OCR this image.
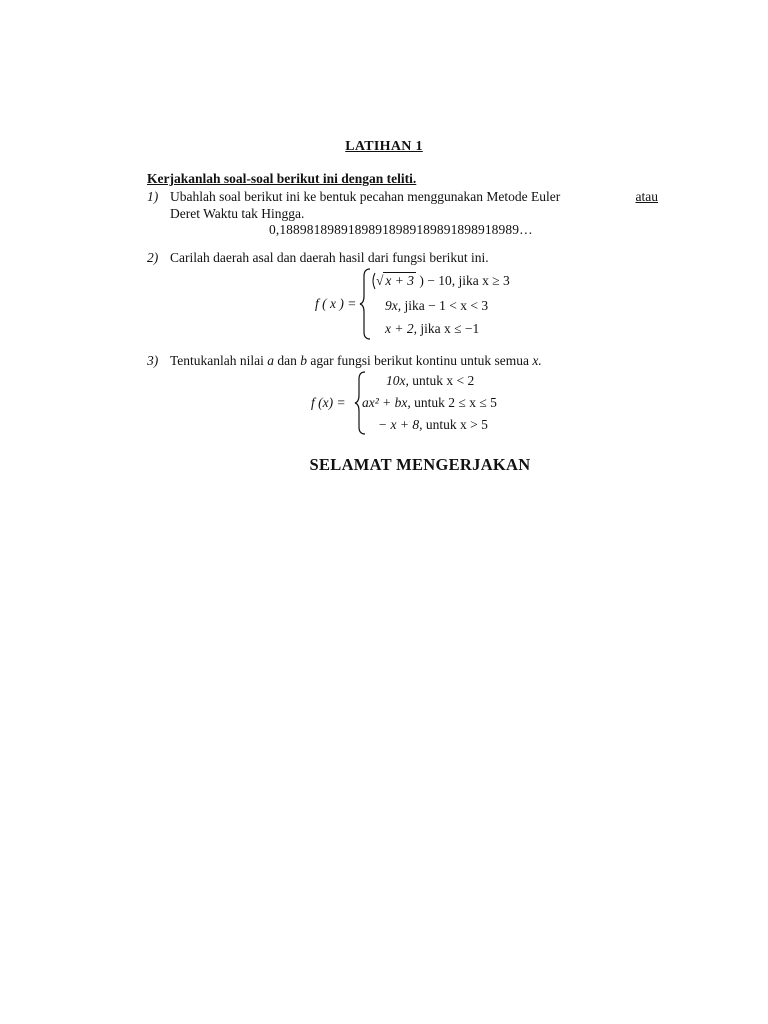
LATIHAN 1
Kerjakanlah soal-soal berikut ini dengan teliti.
1) Ubahlah soal berikut ini ke bentuk pecahan menggunakan Metode Euler	atau
Deret Waktu tak Hingga.
0,18898189891898918989189891898918989…
2) Carilah daerah asal dan daerah hasil dari fungsi berikut ini.
f ( x ) =
√ x + 3 ) − 10, jika x ≥ 3
9x, jika − 1 < x < 3
x + 2, jika x ≤ −1
3) Tentukanlah nilai a dan b agar fungsi berikut kontinu untuk semua x.
f (x) =
10x, untuk x < 2
ax² + bx, untuk 2 ≤ x ≤ 5
− x + 8, untuk x > 5
SELAMAT MENGERJAKAN
